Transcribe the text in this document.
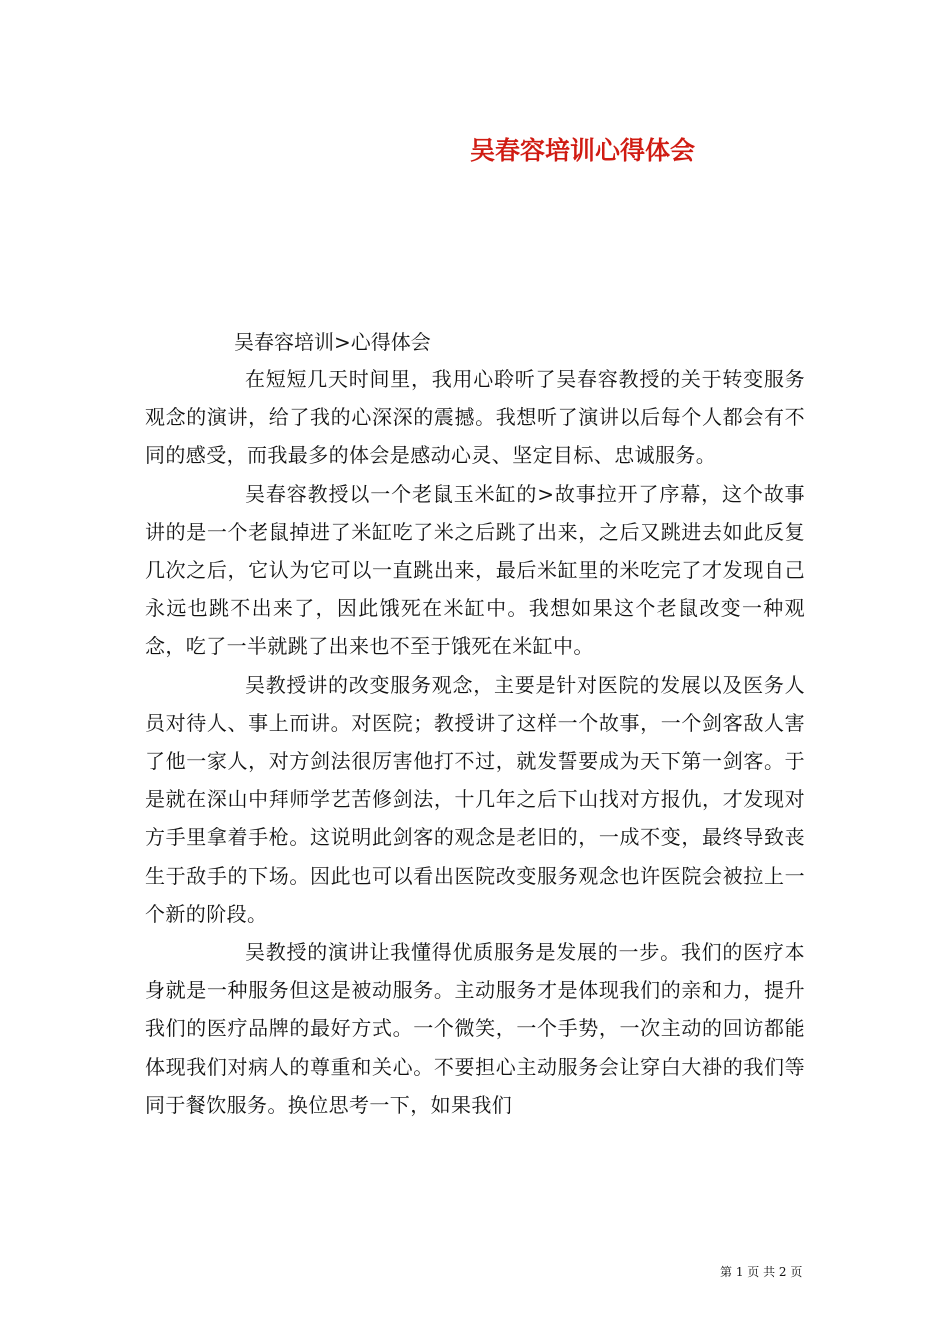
吴春容培训心得体会
吴春容培训>心得体会

在短短几天时间里，我用心聆听了吴春容教授的关于转变服务观念的演讲，给了我的心深深的震撼。我想听了演讲以后每个人都会有不同的感受，而我最多的体会是感动心灵、坚定目标、忠诚服务。

吴春容教授以一个老鼠玉米缸的>故事拉开了序幕，这个故事讲的是一个老鼠掉进了米缸吃了米之后跳了出来，之后又跳进去如此反复几次之后，它认为它可以一直跳出来，最后米缸里的米吃完了才发现自己永远也跳不出来了，因此饿死在米缸中。我想如果这个老鼠改变一种观念，吃了一半就跳了出来也不至于饿死在米缸中。

吴教授讲的改变服务观念，主要是针对医院的发展以及医务人员对待人、事上而讲。对医院；教授讲了这样一个故事，一个剑客敌人害了他一家人，对方剑法很厉害他打不过，就发誓要成为天下第一剑客。于是就在深山中拜师学艺苦修剑法，十几年之后下山找对方报仇，才发现对方手里拿着手枪。这说明此剑客的观念是老旧的，一成不变，最终导致丧生于敌手的下场。因此也可以看出医院改变服务观念也许医院会被拉上一个新的阶段。

吴教授的演讲让我懂得优质服务是发展的一步。我们的医疗本身就是一种服务但这是被动服务。主动服务才是体现我们的亲和力，提升我们的医疗品牌的最好方式。一个微笑，一个手势，一次主动的回访都能体现我们对病人的尊重和关心。不要担心主动服务会让穿白大褂的我们等同于餐饮服务。换位思考一下，如果我们

第 1 页 共 2 页
